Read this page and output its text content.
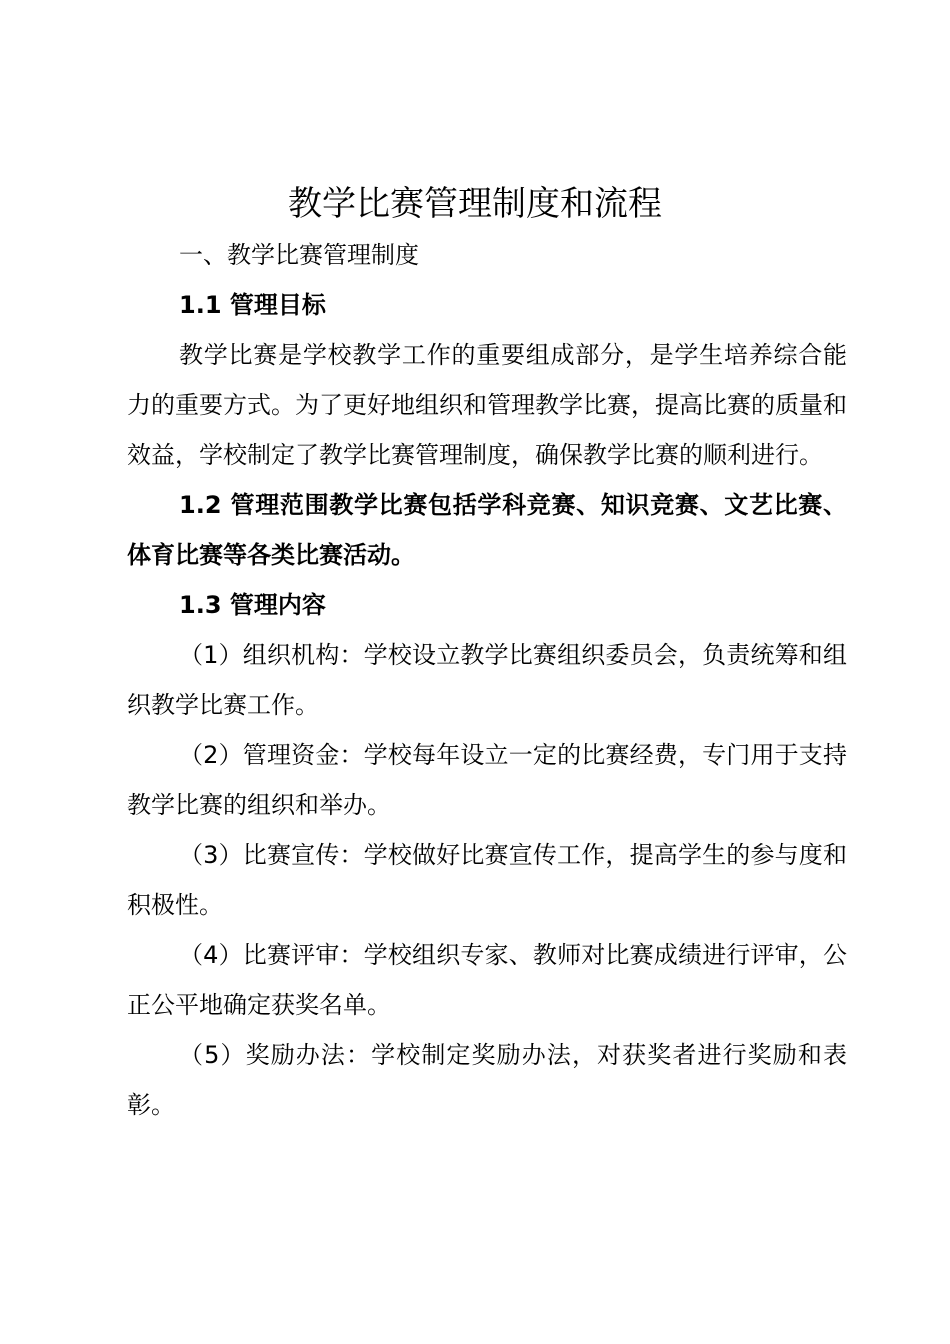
教学比赛管理制度和流程

一、教学比赛管理制度

1.1 管理目标

教学比赛是学校教学工作的重要组成部分，是学生培养综合能力的重要方式。为了更好地组织和管理教学比赛，提高比赛的质量和效益，学校制定了教学比赛管理制度，确保教学比赛的顺利进行。

1.2 管理范围教学比赛包括学科竞赛、知识竞赛、文艺比赛、体育比赛等各类比赛活动。

1.3 管理内容

（1）组织机构：学校设立教学比赛组织委员会，负责统筹和组织教学比赛工作。

（2）管理资金：学校每年设立一定的比赛经费，专门用于支持教学比赛的组织和举办。

（3）比赛宣传：学校做好比赛宣传工作，提高学生的参与度和积极性。

（4）比赛评审：学校组织专家、教师对比赛成绩进行评审，公正公平地确定获奖名单。

（5）奖励办法：学校制定奖励办法，对获奖者进行奖励和表彰。
